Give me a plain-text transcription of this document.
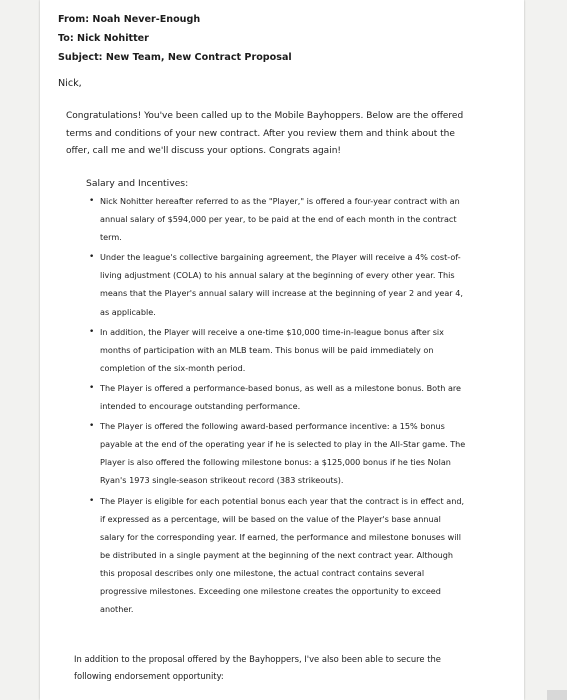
From: Noah Never-Enough
To: Nick Nohitter
Subject: New Team, New Contract Proposal
Nick,
Congratulations! You've been called up to the Mobile Bayhoppers. Below are the offered terms and conditions of your new contract. After you review them and think about the offer, call me and we'll discuss your options. Congrats again!
Salary and Incentives:
• Nick Nohitter hereafter referred to as the "Player," is offered a four-year contract with an annual salary of $594,000 per year, to be paid at the end of each month in the contract term.
• Under the league's collective bargaining agreement, the Player will receive a 4% cost-of-living adjustment (COLA) to his annual salary at the beginning of every other year. This means that the Player's annual salary will increase at the beginning of year 2 and year 4, as applicable.
• In addition, the Player will receive a one-time $10,000 time-in-league bonus after six months of participation with an MLB team. This bonus will be paid immediately on completion of the six-month period.
• The Player is offered a performance-based bonus, as well as a milestone bonus. Both are intended to encourage outstanding performance.
• The Player is offered the following award-based performance incentive: a 15% bonus payable at the end of the operating year if he is selected to play in the All-Star game. The Player is also offered the following milestone bonus: a $125,000 bonus if he ties Nolan Ryan's 1973 single-season strikeout record (383 strikeouts).
• The Player is eligible for each potential bonus each year that the contract is in effect and, if expressed as a percentage, will be based on the value of the Player's base annual salary for the corresponding year. If earned, the performance and milestone bonuses will be distributed in a single payment at the beginning of the next contract year. Although this proposal describes only one milestone, the actual contract contains several progressive milestones. Exceeding one milestone creates the opportunity to exceed another.
In addition to the proposal offered by the Bayhoppers, I've also been able to secure the following endorsement opportunity:
